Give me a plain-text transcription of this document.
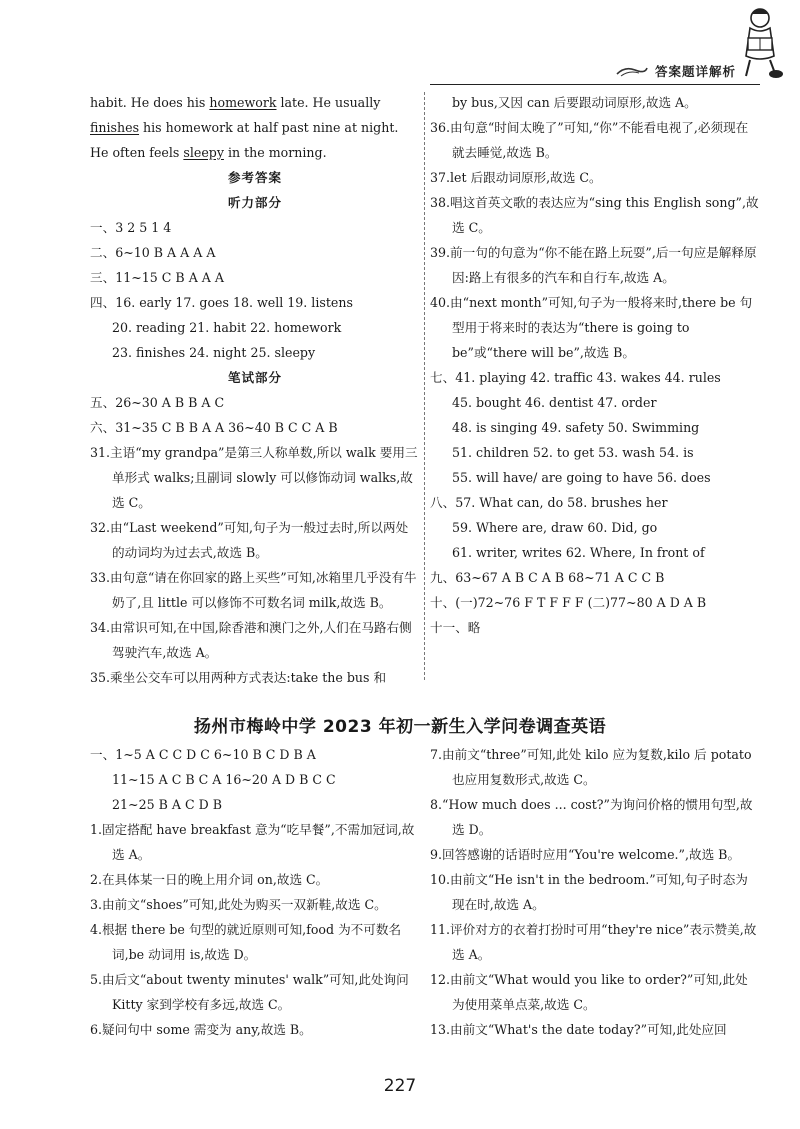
答案题详解析

habit. He does his homework late. He usually

finishes his homework at half past nine at night.

He often feels sleepy in the morning.

参考答案

听力部分

一、3 2 5 1 4

二、6~10 B A A A A

三、11~15 C B A A A

四、16. early 17. goes 18. well 19. listens

20. reading 21. habit 22. homework

23. finishes 24. night 25. sleepy

笔试部分

五、26~30 A B B A C

六、31~35 C B B A A 36~40 B C C A B

31.主语“my grandpa”是第三人称单数,所以 walk 要用三单形式 walks;且副词 slowly 可以修饰动词 walks,故选 C。

32.由“Last weekend”可知,句子为一般过去时,所以两处的动词均为过去式,故选 B。

33.由句意“请在你回家的路上买些”可知,冰箱里几乎没有牛奶了,且 little 可以修饰不可数名词 milk,故选 B。

34.由常识可知,在中国,除香港和澳门之外,人们在马路右侧驾驶汽车,故选 A。

35.乘坐公交车可以用两种方式表达:take the bus 和

by bus,又因 can 后要跟动词原形,故选 A。

36.由句意“时间太晚了”可知,“你”不能看电视了,必须现在就去睡觉,故选 B。

37.let 后跟动词原形,故选 C。

38.唱这首英文歌的表达应为“sing this English song”,故选 C。

39.前一句的句意为“你不能在路上玩耍”,后一句应是解释原因:路上有很多的汽车和自行车,故选 A。

40.由“next month”可知,句子为一般将来时,there be 句型用于将来时的表达为“there is going to be”或“there will be”,故选 B。

七、41. playing 42. traffic 43. wakes 44. rules

45. bought 46. dentist 47. order

48. is singing 49. safety 50. Swimming

51. children 52. to get 53. wash 54. is

55. will have/ are going to have 56. does

八、57. What can, do 58. brushes her

59. Where are, draw 60. Did, go

61. writer, writes 62. Where, In front of

九、63~67 A B C A B 68~71 A C C B

十、(一)72~76 F T F F F (二)77~80 A D A B

十一、略

扬州市梅岭中学 2023 年初一新生入学问卷调查英语

一、1~5 A C C D C 6~10 B C D B A

11~15 A C B C A 16~20 A D B C C

21~25 B A C D B

1.固定搭配 have breakfast 意为“吃早餐”,不需加冠词,故选 A。

2.在具体某一日的晚上用介词 on,故选 C。

3.由前文“shoes”可知,此处为购买一双新鞋,故选 C。

4.根据 there be 句型的就近原则可知,food 为不可数名词,be 动词用 is,故选 D。

5.由后文“about twenty minutes' walk”可知,此处询问 Kitty 家到学校有多远,故选 C。

6.疑问句中 some 需变为 any,故选 B。

7.由前文“three”可知,此处 kilo 应为复数,kilo 后 potato 也应用复数形式,故选 C。

8.“How much does ... cost?”为询问价格的惯用句型,故选 D。

9.回答感谢的话语时应用“You're welcome.”,故选 B。

10.由前文“He isn't in the bedroom.”可知,句子时态为现在时,故选 A。

11.评价对方的衣着打扮时可用“they're nice”表示赞美,故选 A。

12.由前文“What would you like to order?”可知,此处为使用菜单点菜,故选 C。

13.由前文“What's the date today?”可知,此处应回

227
